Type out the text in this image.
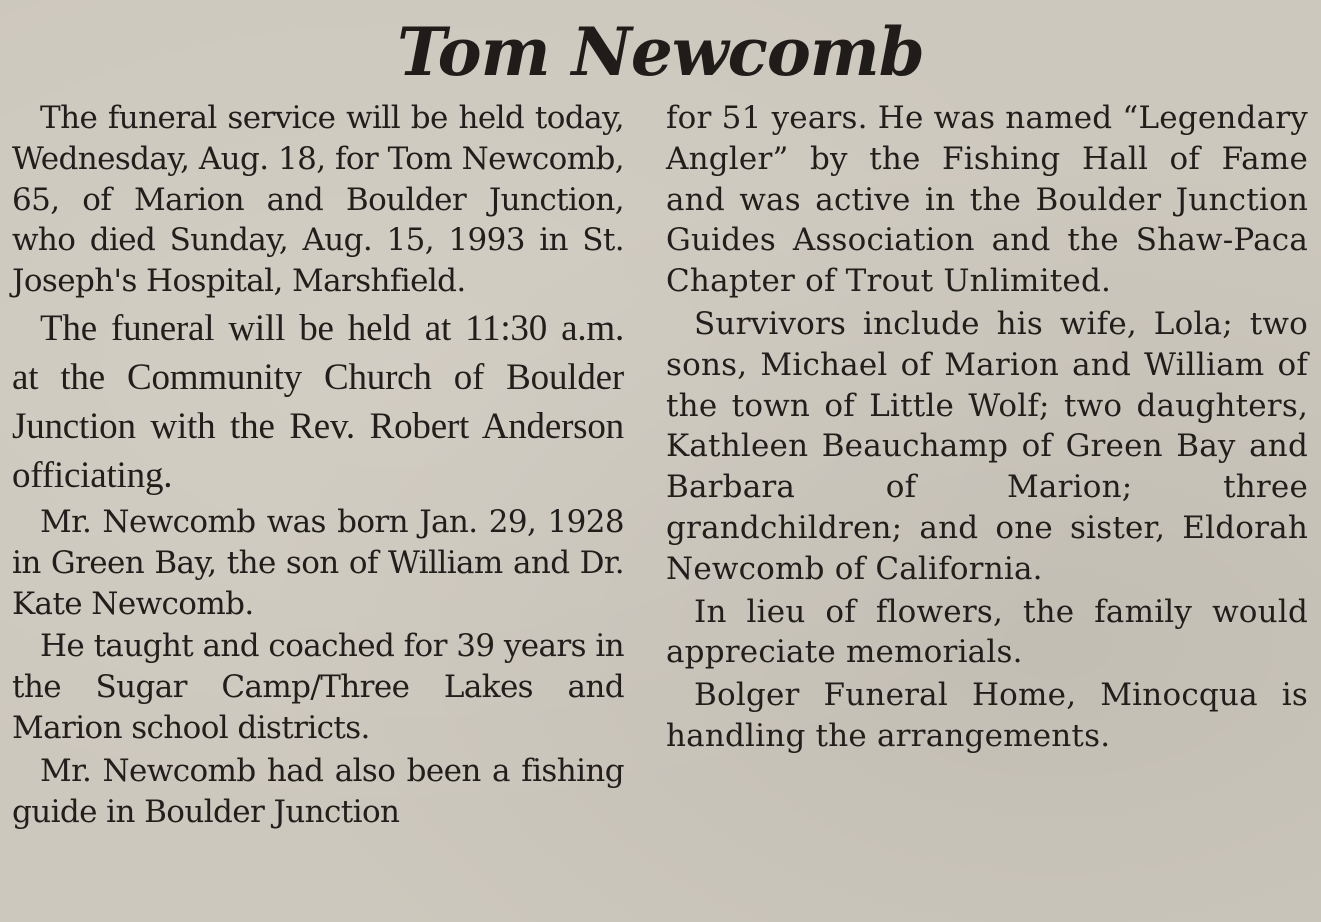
Tom Newcomb

The funeral service will be held today, Wednesday, Aug. 18, for Tom Newcomb, 65, of Marion and Boulder Junction, who died Sunday, Aug. 15, 1993 in St. Joseph's Hospital, Marshfield.

The funeral will be held at 11:30 a.m. at the Community Church of Boulder Junction with the Rev. Robert Anderson officiating.

Mr. Newcomb was born Jan. 29, 1928 in Green Bay, the son of William and Dr. Kate Newcomb.

He taught and coached for 39 years in the Sugar Camp/Three Lakes and Marion school districts.

Mr. Newcomb had also been a fishing guide in Boulder Junction

for 51 years. He was named “Legendary Angler” by the Fishing Hall of Fame and was active in the Boulder Junction Guides Association and the Shaw-Paca Chapter of Trout Unlimited.

Survivors include his wife, Lola; two sons, Michael of Marion and William of the town of Little Wolf; two daughters, Kathleen Beauchamp of Green Bay and Barbara of Marion; three grandchildren; and one sister, Eldorah Newcomb of California.

In lieu of flowers, the family would appreciate memorials.

Bolger Funeral Home, Minocqua is handling the arrangements.
